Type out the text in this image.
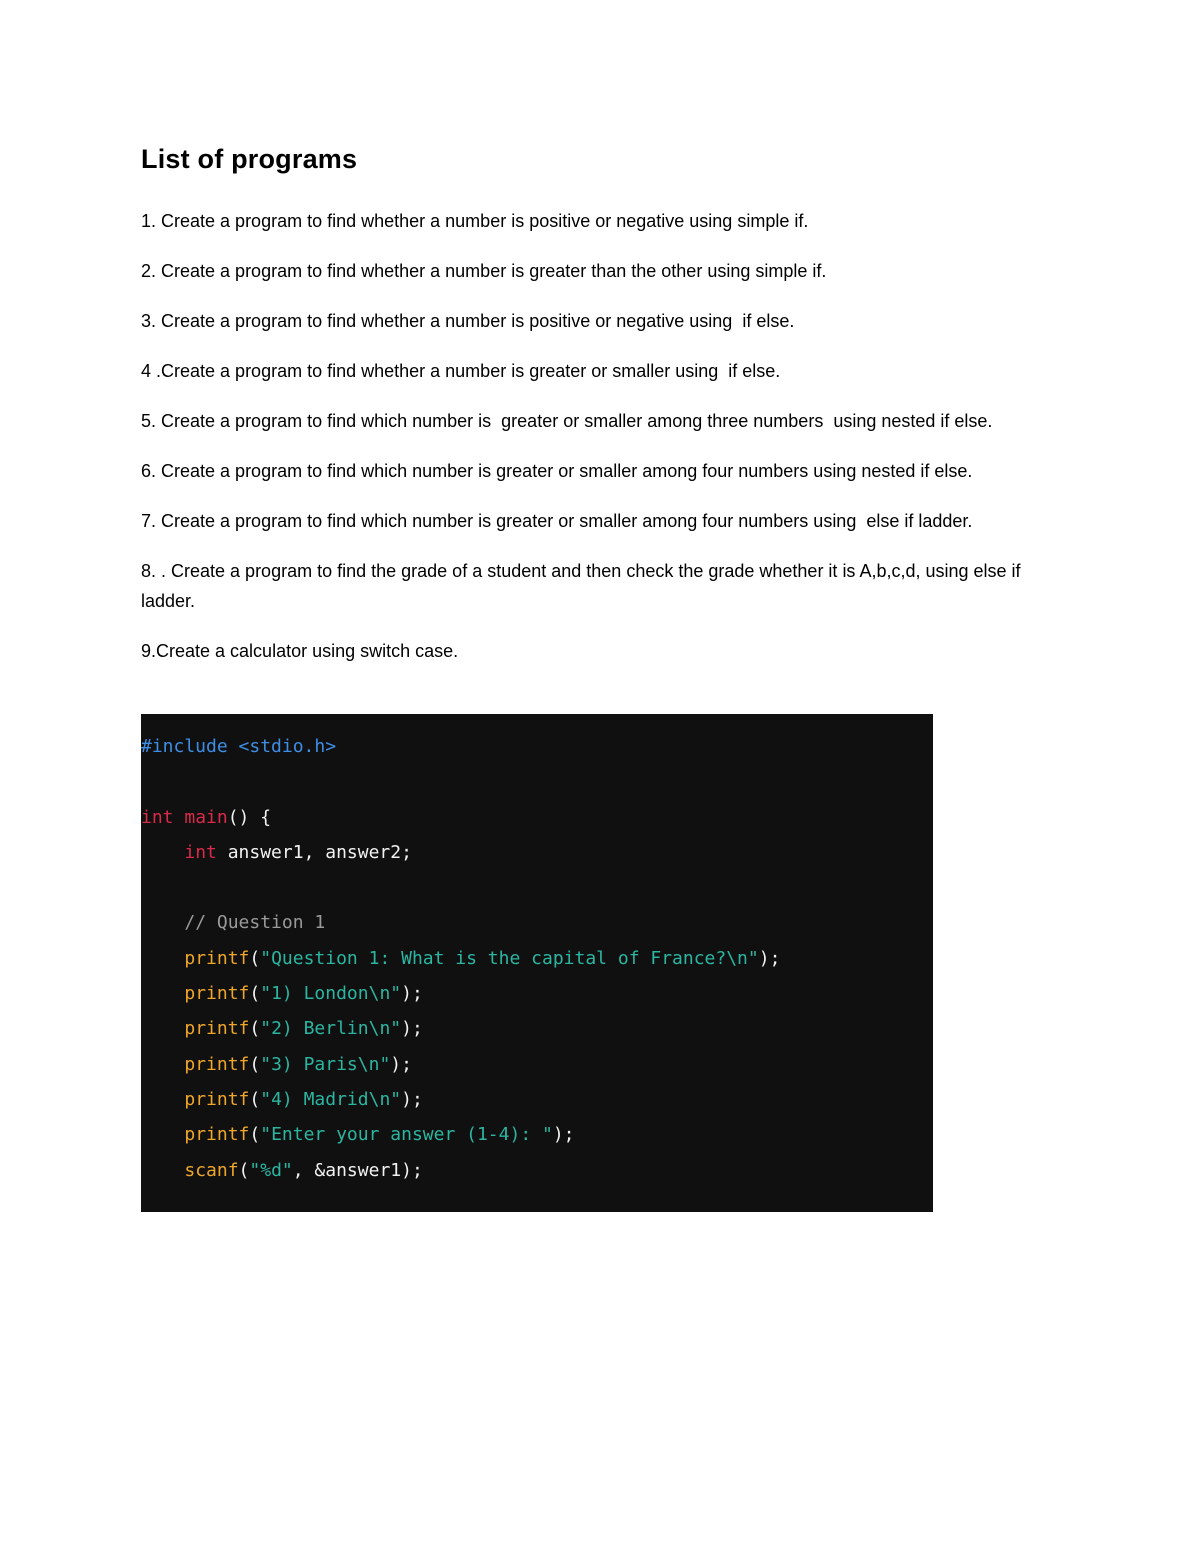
List of programs

1. Create a program to find whether a number is positive or negative using simple if.

2. Create a program to find whether a number is greater than the other using simple if.

3. Create a program to find whether a number is positive or negative using  if else.

4 .Create a program to find whether a number is greater or smaller using  if else.

5. Create a program to find which number is  greater or smaller among three numbers  using nested if else.

6. Create a program to find which number is greater or smaller among four numbers using nested if else.

7. Create a program to find which number is greater or smaller among four numbers using  else if ladder.

8. . Create a program to find the grade of a student and then check the grade whether it is A,b,c,d, using else if ladder.

9.Create a calculator using switch case.

#include <stdio.h>

int main() {
int answer1, answer2;

// Question 1
printf("Question 1: What is the capital of France?\n");
printf("1) London\n");
printf("2) Berlin\n");
printf("3) Paris\n");
printf("4) Madrid\n");
printf("Enter your answer (1-4): ");
scanf("%d", &answer1);
